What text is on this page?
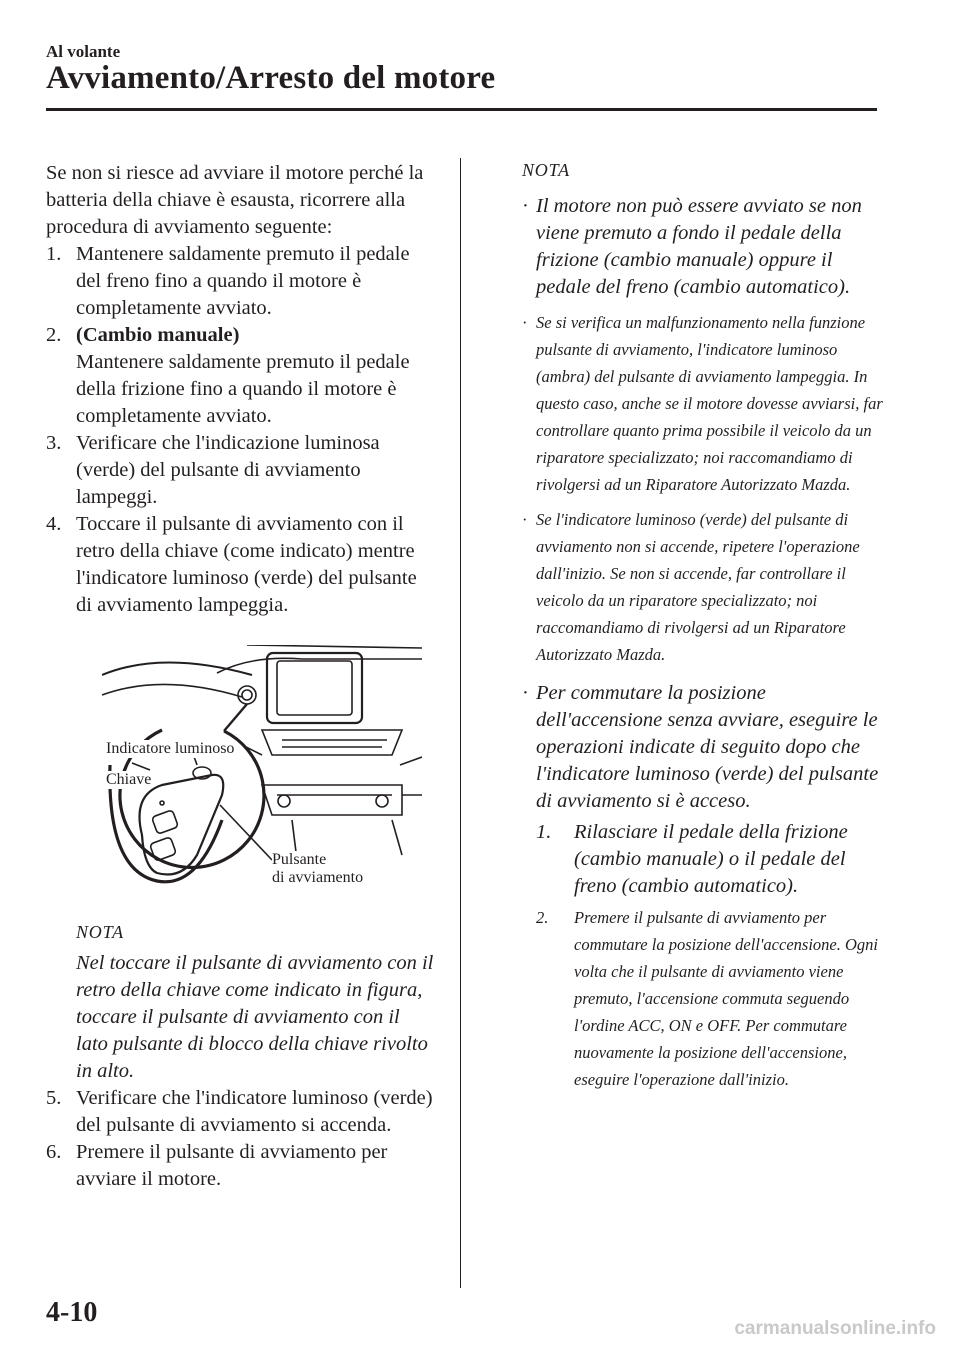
Al volante
Avviamento/Arresto del motore

Se non si riesce ad avviare il motore perché la batteria della chiave è esausta, ricorrere alla procedura di avviamento seguente:

1. Mantenere saldamente premuto il pedale del freno fino a quando il motore è completamente avviato.
2. (Cambio manuale)
Mantenere saldamente premuto il pedale della frizione fino a quando il motore è completamente avviato.
3. Verificare che l'indicazione luminosa (verde) del pulsante di avviamento lampeggi.
4. Toccare il pulsante di avviamento con il retro della chiave (come indicato) mentre l'indicatore luminoso (verde) del pulsante di avviamento lampeggia.
Indicatore luminoso
Chiave
Pulsante
di avviamento
NOTA
Nel toccare il pulsante di avviamento con il retro della chiave come indicato in figura, toccare il pulsante di avviamento con il lato pulsante di blocco della chiave rivolto in alto.
5. Verificare che l'indicatore luminoso (verde) del pulsante di avviamento si accenda.
6. Premere il pulsante di avviamento per avviare il motore.
NOTA
· Il motore non può essere avviato se non viene premuto a fondo il pedale della frizione (cambio manuale) oppure il pedale del freno (cambio automatico).
· Se si verifica un malfunzionamento nella funzione pulsante di avviamento, l'indicatore luminoso (ambra) del pulsante di avviamento lampeggia. In questo caso, anche se il motore dovesse avviarsi, far controllare quanto prima possibile il veicolo da un riparatore specializzato; noi raccomandiamo di rivolgersi ad un Riparatore Autorizzato Mazda.
· Se l'indicatore luminoso (verde) del pulsante di avviamento non si accende, ripetere l'operazione dall'inizio. Se non si accende, far controllare il veicolo da un riparatore specializzato; noi raccomandiamo di rivolgersi ad un Riparatore Autorizzato Mazda.
· Per commutare la posizione dell'accensione senza avviare, eseguire le operazioni indicate di seguito dopo che l'indicatore luminoso (verde) del pulsante di avviamento si è acceso.
1. Rilasciare il pedale della frizione (cambio manuale) o il pedale del freno (cambio automatico).
2. Premere il pulsante di avviamento per commutare la posizione dell'accensione. Ogni volta che il pulsante di avviamento viene premuto, l'accensione commuta seguendo l'ordine ACC, ON e OFF. Per commutare nuovamente la posizione dell'accensione, eseguire l'operazione dall'inizio.
4-10
carmanualsonline.info
